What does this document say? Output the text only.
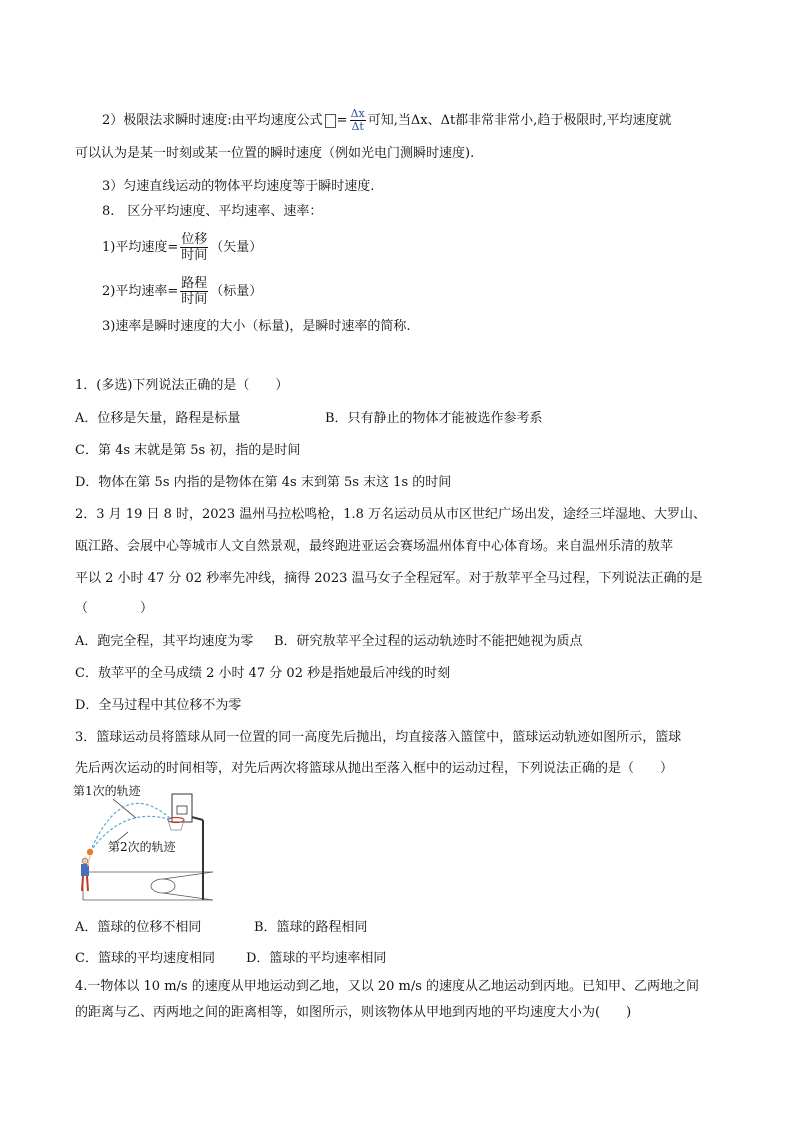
2）极限法求瞬时速度:由平均速度公式 = $\frac{\Delta x}{\Delta t}$ 可知,当Δx、Δt都非常非常小,趋于极限时,平均速度就
可以认为是某一时刻或某一位置的瞬时速度（例如光电门测瞬时速度).
3）匀速直线运动的物体平均速度等于瞬时速度.
8.　区分平均速度、平均速率、速率：
1)平均速度= $\frac{\text{位移}}{\text{时间}}$ （矢量）
2)平均速率= $\frac{\text{路程}}{\text{时间}}$ （标量）
3)速率是瞬时速度的大小（标量)，是瞬时速率的简称.
1．(多选)下列说法正确的是（　　）
A．位移是矢量，路程是标量	B．只有静止的物体才能被选作参考系
C．第 4s 末就是第 5s 初，指的是时间
D．物体在第 5s 内指的是物体在第 4s 末到第 5s 末这 1s 的时间
2．3 月 19 日 8 时，2023 温州马拉松鸣枪，1.8 万名运动员从市区世纪广场出发，途经三垟湿地、大罗山、
瓯江路、会展中心等城市人文自然景观，最终跑进亚运会赛场温州体育中心体育场。来自温州乐清的敖苹
平以 2 小时 47 分 02 秒率先冲线，摘得 2023 温马女子全程冠军。对于敖苹平全马过程，下列说法正确的是
（　　　　）
A．跑完全程，其平均速度为零 B．研究敖苹平全过程的运动轨迹时不能把她视为质点
C．敖苹平的全马成绩 2 小时 47 分 02 秒是指她最后冲线的时刻
D．全马过程中其位移不为零
3．篮球运动员将篮球从同一位置的同一高度先后抛出，均直接落入篮筐中，篮球运动轨迹如图所示，篮球
先后两次运动的时间相等，对先后两次将篮球从抛出至落入框中的运动过程，下列说法正确的是（　　）
第1次的轨迹
第2次的轨迹
A．篮球的位移不相同	B．篮球的路程相同
C．篮球的平均速度相同 D．篮球的平均速率相同
4.一物体以 10 m/s 的速度从甲地运动到乙地，又以 20 m/s 的速度从乙地运动到丙地。已知甲、乙两地之间
的距离与乙、丙两地之间的距离相等，如图所示，则该物体从甲地到丙地的平均速度大小为(　　)
